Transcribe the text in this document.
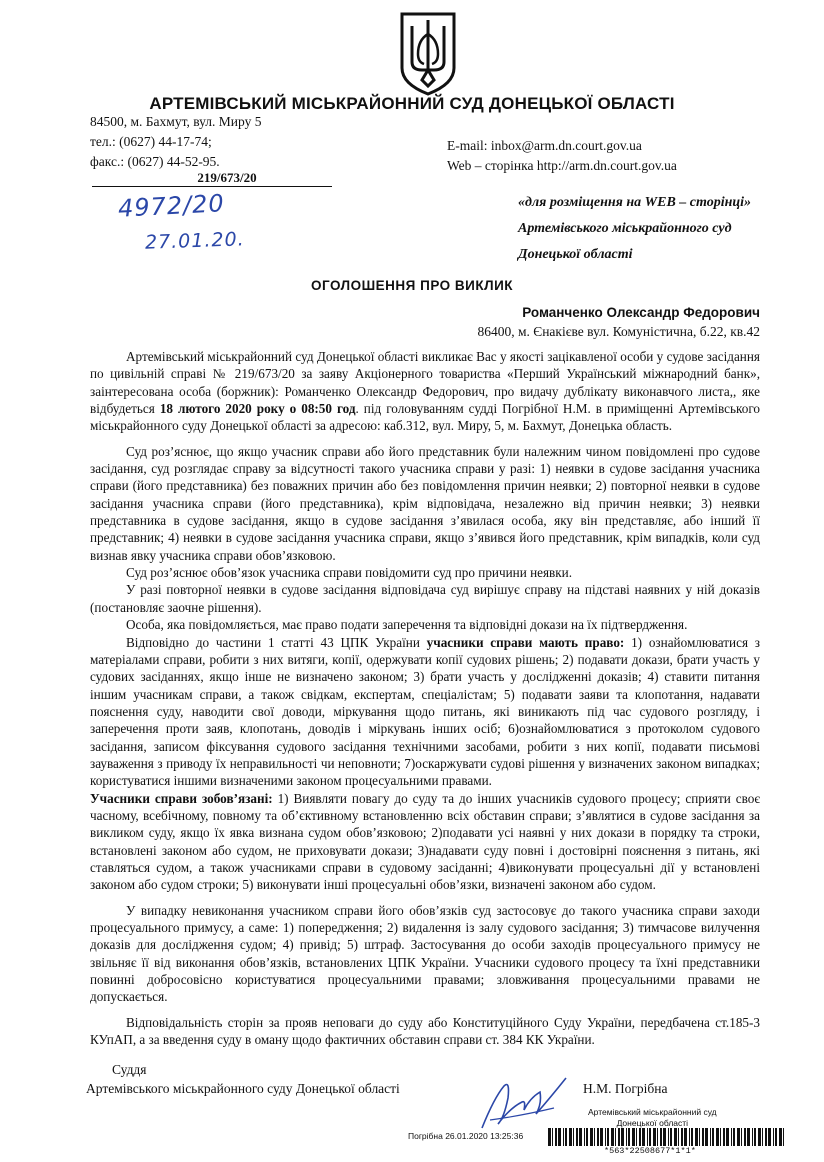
АРТЕМІВСЬКИЙ МІСЬКРАЙОННИЙ СУД ДОНЕЦЬКОЇ ОБЛАСТІ
84500, м. Бахмут, вул. Миру 5
тел.: (0627) 44-17-74;
факс.: (0627) 44-52-95.
E-mail: inbox@arm.dn.court.gov.ua
Web – сторінка http://arm.dn.court.gov.ua
219/673/20
4972/20
27.01.20.
«для розміщення на WEB – сторінці»
Артемівського міськрайонного суд
Донецької області
ОГОЛОШЕННЯ ПРО ВИКЛИК
Романченко Олександр Федорович
86400, м. Єнакієве вул. Комуністична, б.22, кв.42

Артемівський міськрайонний суд Донецької області викликає Вас у якості зацікавленої особи у судове засідання по цивільній справі № 219/673/20 за заяву Акціонерного товариства «Перший Український міжнародний банк», заінтересована особа (боржник): Романченко Олександр Федорович, про видачу дублікату виконавчого листа,, яке відбудеться 18 лютого 2020 року о 08:50 год. під головуванням судді Погрібної Н.М. в приміщенні Артемівського міськрайонного суду Донецької області за адресою: каб.312, вул. Миру, 5, м. Бахмут, Донецька область.

Суд роз’яснює, що якщо учасник справи або його представник були належним чином повідомлені про судове засідання, суд розглядає справу за відсутності такого учасника справи у разі: 1) неявки в судове засідання учасника справи (його представника) без поважних причин або без повідомлення причин неявки; 2) повторної неявки в судове засідання учасника справи (його представника), крім відповідача, незалежно від причин неявки; 3) неявки представника в судове засідання, якщо в судове засідання з’явилася особа, яку він представляє, або інший її представник; 4) неявки в судове засідання учасника справи, якщо з’явився його представник, крім випадків, коли суд визнав явку учасника справи обов’язковою.

Суд роз’яснює обов’язок учасника справи повідомити суд про причини неявки.

У разі повторної неявки в судове засідання відповідача суд вирішує справу на підставі наявних у ній доказів (постановляє заочне рішення).

Особа, яка повідомляється, має право подати заперечення та відповідні докази на їх підтвердження.

Відповідно до частини 1 статті 43 ЦПК України учасники справи мають право: 1) ознайомлюватися з матеріалами справи, робити з них витяги, копії, одержувати копії судових рішень; 2) подавати докази, брати участь у судових засіданнях, якщо інше не визначено законом; 3) брати участь у дослідженні доказів; 4) ставити питання іншим учасникам справи, а також свідкам, експертам, спеціалістам; 5) подавати заяви та клопотання, надавати пояснення суду, наводити свої доводи, міркування щодо питань, які виникають під час судового розгляду, і заперечення проти заяв, клопотань, доводів і міркувань інших осіб; 6)ознайомлюватися з протоколом судового засідання, записом фіксування судового засідання технічними засобами, робити з них копії, подавати письмові зауваження з приводу їх неправильності чи неповноти; 7)оскаржувати судові рішення у визначених законом випадках; користуватися іншими визначеними законом процесуальними правами.

Учасники справи зобов’язані: 1) Виявляти повагу до суду та до інших учасників судового процесу; сприяти своє часному, всебічному, повному та об’єктивному встановленню всіх обставин справи; з’являтися в судове засідання за викликом суду, якщо їх явка визнана судом обов’язковою; 2)подавати усі наявні у них докази в порядку та строки, встановлені законом або судом, не приховувати докази; 3)надавати суду повні і достовірні пояснення з питань, які ставляться судом, а також учасниками справи в судовому засіданні; 4)виконувати процесуальні дії у встановлені законом або судом строки; 5) виконувати інші процесуальні обов’язки, визначені законом або судом.

У випадку невиконання учасником справи його обов’язків суд застосовує до такого учасника справи заходи процесуального примусу, а саме: 1) попередження; 2) видалення із залу судового засідання; 3) тимчасове вилучення доказів для дослідження судом; 4) привід; 5) штраф. Застосування до особи заходів процесуального примусу не звільняє її від виконання обов’язків, встановлених ЦПК України. Учасники судового процесу та їхні представники повинні добросовісно користуватися процесуальними правами; зловживання процесуальними правами не допускається.

Відповідальність сторін за прояв неповаги до суду або Конституційного Суду України, передбачена ст.185-3 КУпАП, а за введення суду в оману щодо фактичних обставин справи ст. 384 КК України.

Суддя
Артемівського міськрайонного суду Донецької області	Н.М. Погрібна
Артемівський міськрайонний суд
Донецької області
Погрібна 26.01.2020 13:25:36
*563*22508677*1*1*
